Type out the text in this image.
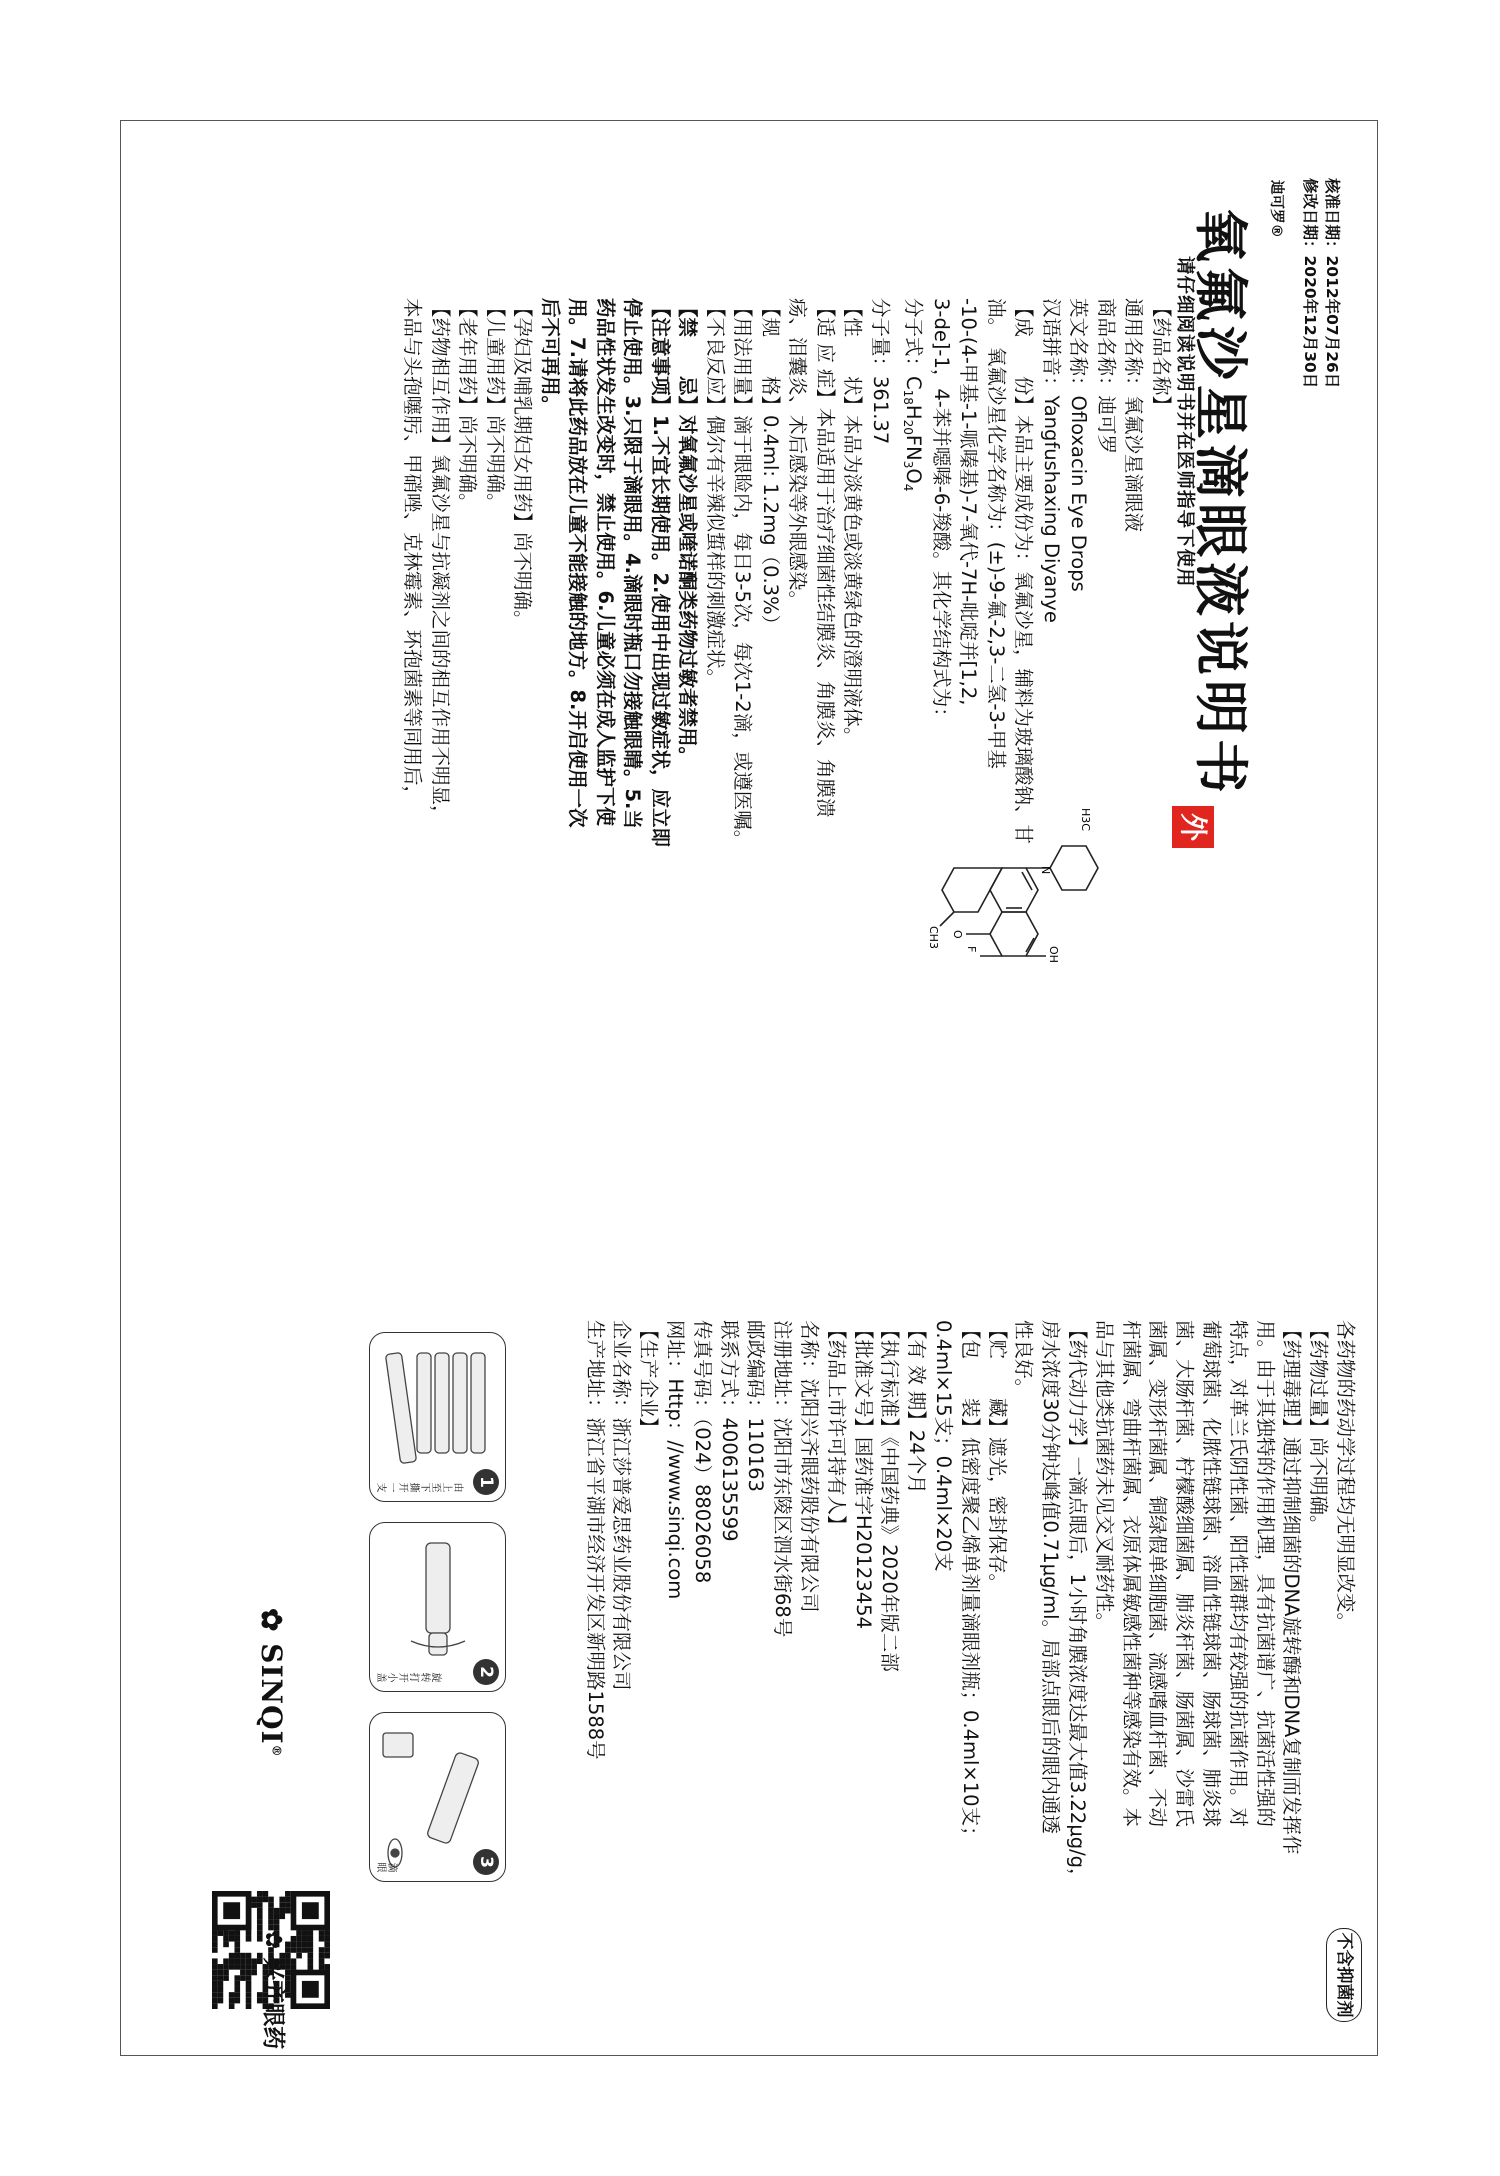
核准日期：2012年07月26日
修改日期：2020年12月30日
迪可罗®
氧氟沙星滴眼液说明书
请仔细阅读说明书并在医师指导下使用
外
不含抑菌剂
【药品名称】
通用名称：氧氟沙星滴眼液
商品名称：迪可罗
英文名称：Ofloxacin Eye Drops
汉语拼音：Yangfushaxing Diyanye
【成　　份】本品主要成份为：氧氟沙星，辅料为玻璃酸钠、甘
油。　氧氟沙星化学名称为：(±)-9-氟-2,3-二氢-3-甲基
-10-(4-甲基-1-哌嗪基)-7-氧代-7H-吡啶并[1,2,
3-de]-1，4-苯并噁嗪-6-羧酸。其化学结构式为：
分子式：$C_{18}H_{20}FN_3O_4$
分子量：361.37
【性　　状】本品为淡黄色或淡黄绿色的澄明液体。
【适 应 症】本品适用于治疗细菌性结膜炎、角膜炎、角膜溃
疡、泪囊炎、术后感染等外眼感染。
【规　　格】0.4ml: 1.2mg（0.3%）
【用法用量】滴于眼睑内，每日3-5次，每次1-2滴，或遵医嘱。
【不良反应】偶尔有辛辣似蜇样的刺激症状。
【禁　　忌】对氧氟沙星或喹诺酮类药物过敏者禁用。
【注意事项】1.不宜长期使用。2.使用中出现过敏症状，应立即
停止使用。3.只限于滴眼用。4.滴眼时瓶口勿接触眼睛。5.当
药品性状发生改变时，禁止使用。6.儿童必须在成人监护下使
用。7.请将此药品放在儿童不能接触的地方。8.开启使用一次
后不可再用。
【孕妇及哺乳期妇女用药】尚不明确。
【儿童用药】尚不明确。
【老年用药】尚不明确。
【药物相互作用】氧氟沙星与抗凝剂之间的相互作用不明显，
本品与头孢噻肟、甲硝唑、克林霉素、环孢菌素等同用后，
H3C
N
F
CH3 O
OH
各药物的药动学过程均无明显改变。
【药物过量】尚不明确。
【药理毒理】通过抑制细菌的DNA旋转酶和DNA复制而发挥作
用。由于其独特的作用机理，具有抗菌谱广、抗菌活性强的
特点，对革兰氏阴性菌、阳性菌群均有较强的抗菌作用。对
葡萄球菌、化脓性链球菌、溶血性链球菌、肠球菌、肺炎球
菌、大肠杆菌、柠檬酸细菌属、肺炎杆菌、肠菌属、沙雷氏
菌属、变形杆菌属、铜绿假单细胞菌、流感嗜血杆菌、不动
杆菌属、弯曲杆菌属、衣原体属敏感性菌种等感染有效。本
品与其他类抗菌药未见交叉耐药性。
【药代动力学】一滴点眼后，1小时角膜浓度达最大值3.22μg/g，
房水浓度30分钟达峰值0.71μg/ml。局部点眼后的眼内通透
性良好。
【贮　　藏】遮光，密封保存。
【包　　装】低密度聚乙烯单剂量滴眼剂瓶；0.4ml×10支；
0.4ml×15支；0.4ml×20支
【有 效 期】24个月
【执行标准】《中国药典》2020年版二部
【批准文号】国药准字H20123454
【药品上市许可持有人】
名称：沈阳兴齐眼药股份有限公司
注册地址：沈阳市东陵区泗水街68号
邮政编码：110163
联系方式：4006135599
传真号码：（024）88026058
网址：Http：//www.sinqi.com
【生产企业】
企业名称：浙江莎普爱思药业股份有限公司
生产地址：浙江省平湖市经济开发区新明路1588号
1
由上至下撕开一支
2
旋转打开小盖
3
滴眼
✿ SINQI®
✿ 兴齐眼药
